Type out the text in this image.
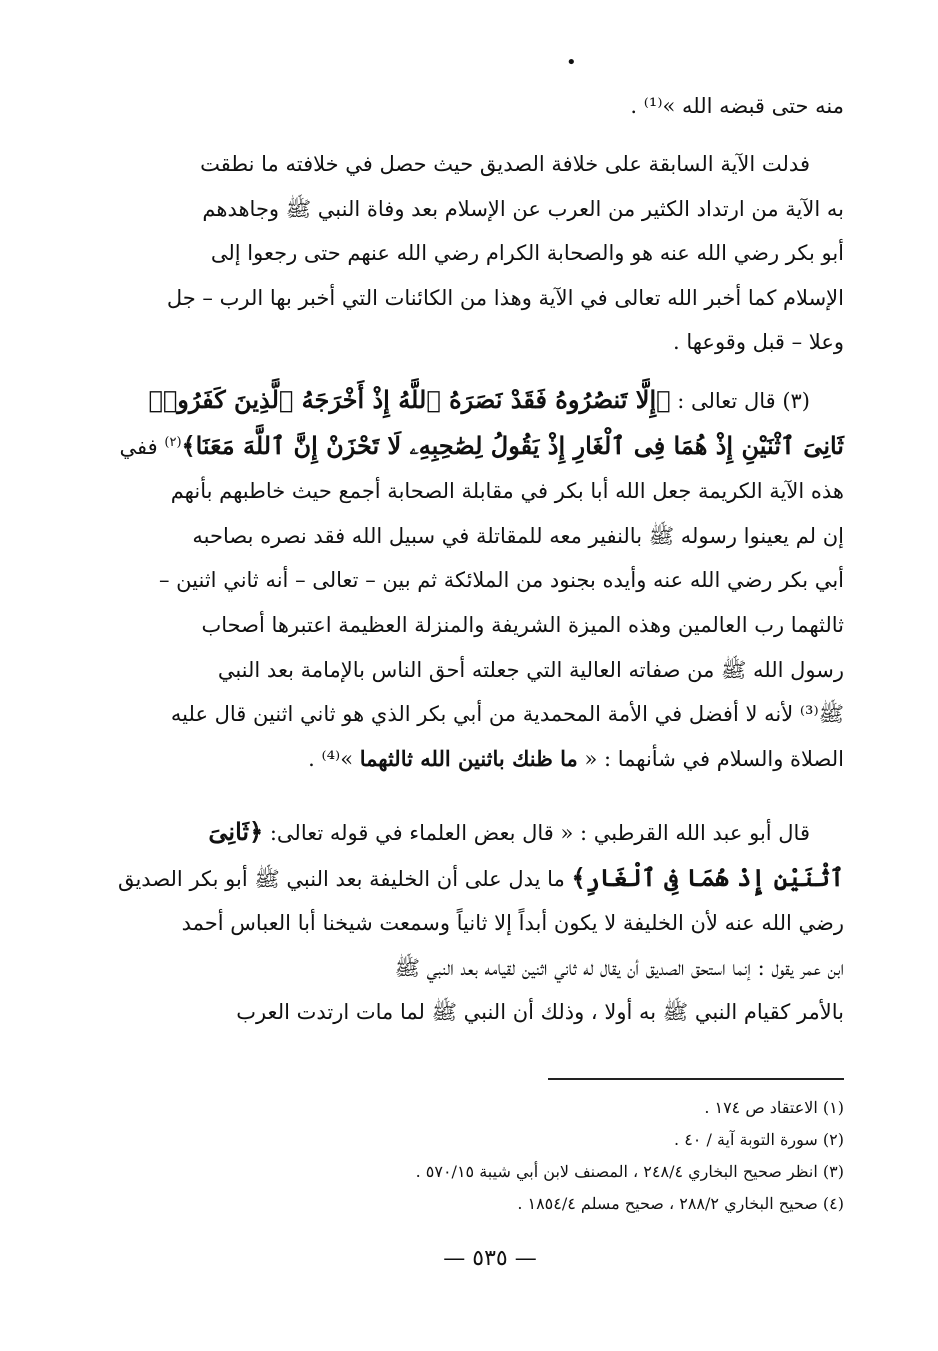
•
منه حتى قبضه الله »⁽¹⁾ .
فدلت الآية السابقة على خلافة الصديق حيث حصل في خلافته ما نطقت
به الآية من ارتداد الكثير من العرب عن الإسلام بعد وفاة النبي ﷺ وجاهدهم
أبو بكر رضي الله عنه هو والصحابة الكرام رضي الله عنهم حتى رجعوا إلى
الإسلام كما أخبر الله تعالى في الآية وهذا من الكائنات التي أخبر بها الرب – جل
وعلا – قبل وقوعها .
(٣) قال تعالى : ﴿إِلَّا تَنصُرُوهُ فَقَدْ نَصَرَهُ ٱللَّهُ إِذْ أَخْرَجَهُ ٱلَّذِينَ كَفَرُوا۟
ثَانِىَ ٱثْنَيْنِ إِذْ هُمَا فِى ٱلْغَارِ إِذْ يَقُولُ لِصَٰحِبِهِۦ لَا تَحْزَنْ إِنَّ ٱللَّهَ مَعَنَا﴾$^{(٢)}$ ففي
هذه الآية الكريمة جعل الله أبا بكر في مقابلة الصحابة أجمع حيث خاطبهم بأنهم
إن لم يعينوا رسوله ﷺ بالنفير معه للمقاتلة في سبيل الله فقد نصره بصاحبه
أبي بكر رضي الله عنه وأيده بجنود من الملائكة ثم بين – تعالى – أنه ثاني اثنين –
ثالثهما رب العالمين وهذه الميزة الشريفة والمنزلة العظيمة اعتبرها أصحاب
رسول الله ﷺ من صفاته العالية التي جعلته أحق الناس بالإمامة بعد النبي
ﷺ⁽³⁾ لأنه لا أفضل في الأمة المحمدية من أبي بكر الذي هو ثاني اثنين قال عليه
الصلاة والسلام في شأنهما : « ما ظنك باثنين الله ثالثهما »⁽⁴⁾ .
قال أبو عبد الله القرطبي : « قال بعض العلماء في قوله تعالى: ﴿ثَانِىَ
ٱثْنَيْنِ إِذْ هُمَا فِى ٱلْغَارِ﴾ ما يدل على أن الخليفة بعد النبي ﷺ أبو بكر الصديق
رضي الله عنه لأن الخليفة لا يكون أبداً إلا ثانياً وسمعت شيخنا أبا العباس أحمد
ابن عمر يقول : إنما استحق الصديق أن يقال له ثاني اثنين لقيامه بعد النبي ﷺ
بالأمر كقيام النبي ﷺ به أولا ، وذلك أن النبي ﷺ لما مات ارتدت العرب
(١) الاعتقاد ص ١٧٤ .
(٢) سورة التوبة آية / ٤٠ .
(٣) انظر صحيح البخاري ٢٤٨/٤ ، المصنف لابن أبي شيبة ٥٧٠/١٥ .
(٤) صحيح البخاري ٢٨٨/٢ ، صحيح مسلم ١٨٥٤/٤ .
— ٥٣٥ —
